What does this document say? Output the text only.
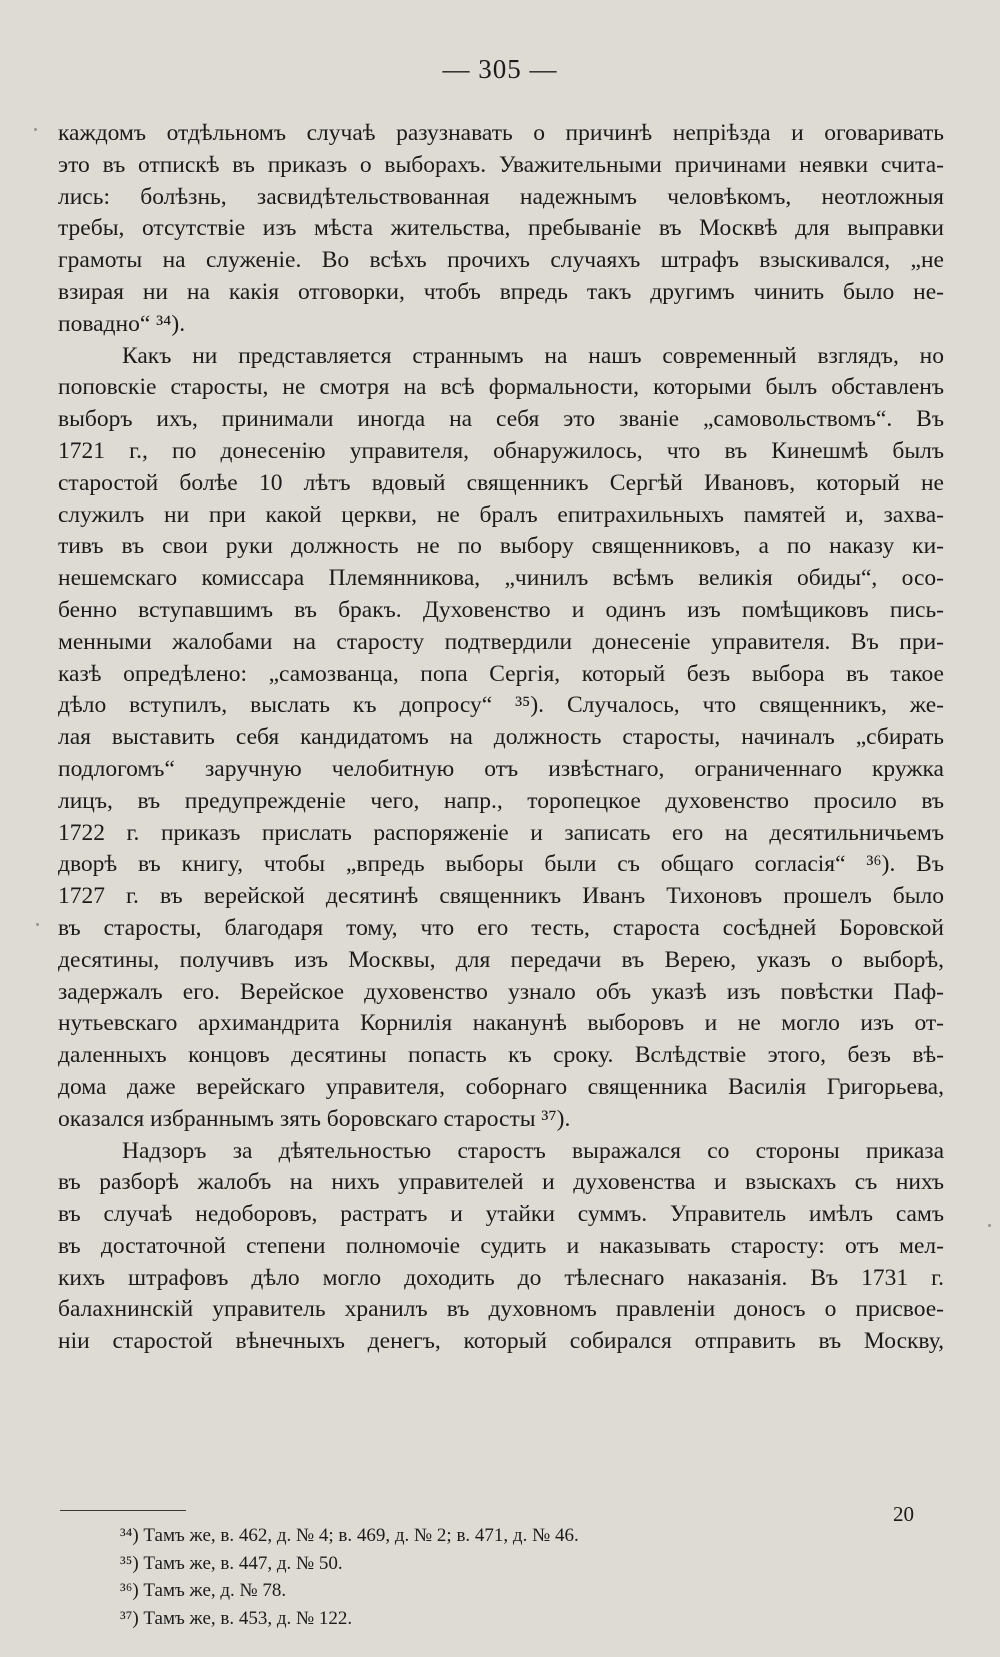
— 305 —
каждомъ отдѣльномъ случаѣ разузнавать о причинѣ непріѣзда и оговаривать
это въ отпискѣ въ приказъ о выборахъ. Уважительными причинами неявки счита-
лись: болѣзнь, засвидѣтельствованная надежнымъ человѣкомъ, неотложныя
требы, отсутствіе изъ мѣста жительства, пребываніе въ Москвѣ для выправки
грамоты на служеніе. Во всѣхъ прочихъ случаяхъ штрафъ взыскивался, „не
взирая ни на какія отговорки, чтобъ впредь такъ другимъ чинить было не-
повадно“ ³⁴).
Какъ ни представляется страннымъ на нашъ современный взглядъ, но
поповскіе старосты, не смотря на всѣ формальности, которыми былъ обставленъ
выборъ ихъ, принимали иногда на себя это званіе „самовольствомъ“. Въ
1721 г., по донесенію управителя, обнаружилось, что въ Кинешмѣ былъ
старостой болѣе 10 лѣтъ вдовый священникъ Сергѣй Ивановъ, который не
служилъ ни при какой церкви, не бралъ епитрахильныхъ памятей и, захва-
тивъ въ свои руки должность не по выбору священниковъ, а по наказу ки-
нешемскаго комиссара Племянникова, „чинилъ всѣмъ великія обиды“, осо-
бенно вступавшимъ въ бракъ. Духовенство и одинъ изъ помѣщиковъ пись-
менными жалобами на старосту подтвердили донесеніе управителя. Въ при-
казѣ опредѣлено: „самозванца, попа Сергія, который безъ выбора въ такое
дѣло вступилъ, выслать къ допросу“ ³⁵). Случалось, что священникъ, же-
лая выставить себя кандидатомъ на должность старосты, начиналъ „сбирать
подлогомъ“ заручную челобитную отъ извѣстнаго, ограниченнаго кружка
лицъ, въ предупрежденіе чего, напр., торопецкое духовенство просило въ
1722 г. приказъ прислать распоряженіе и записать его на десятильничьемъ
дворѣ въ книгу, чтобы „впредь выборы были съ общаго согласія“ ³⁶). Въ
1727 г. въ верейской десятинѣ священникъ Иванъ Тихоновъ прошелъ было
въ старосты, благодаря тому, что его тесть, староста сосѣдней Боровской
десятины, получивъ изъ Москвы, для передачи въ Верею, указъ о выборѣ,
задержалъ его. Верейское духовенство узнало объ указѣ изъ повѣстки Паф-
нутьевскаго архимандрита Корнилія наканунѣ выборовъ и не могло изъ от-
даленныхъ концовъ десятины попасть къ сроку. Вслѣдствіе этого, безъ вѣ-
дома даже верейскаго управителя, соборнаго священника Василія Григорьева,
оказался избраннымъ зять боровскаго старосты ³⁷).
Надзоръ за дѣятельностью старостъ выражался со стороны приказа
въ разборѣ жалобъ на нихъ управителей и духовенства и взыскахъ съ нихъ
въ случаѣ недоборовъ, растратъ и утайки суммъ. Управитель имѣлъ самъ
въ достаточной степени полномочіе судить и наказывать старосту: отъ мел-
кихъ штрафовъ дѣло могло доходить до тѣлеснаго наказанія. Въ 1731 г.
балахнинскій управитель хранилъ въ духовномъ правленіи доносъ о присвое-
ніи старостой вѣнечныхъ денегъ, который собирался отправить въ Москву,
³⁴) Тамъ же, в. 462, д. № 4; в. 469, д. № 2; в. 471, д. № 46.
³⁵) Тамъ же, в. 447, д. № 50.
³⁶) Тамъ же, д. № 78.
³⁷) Тамъ же, в. 453, д. № 122.
20
